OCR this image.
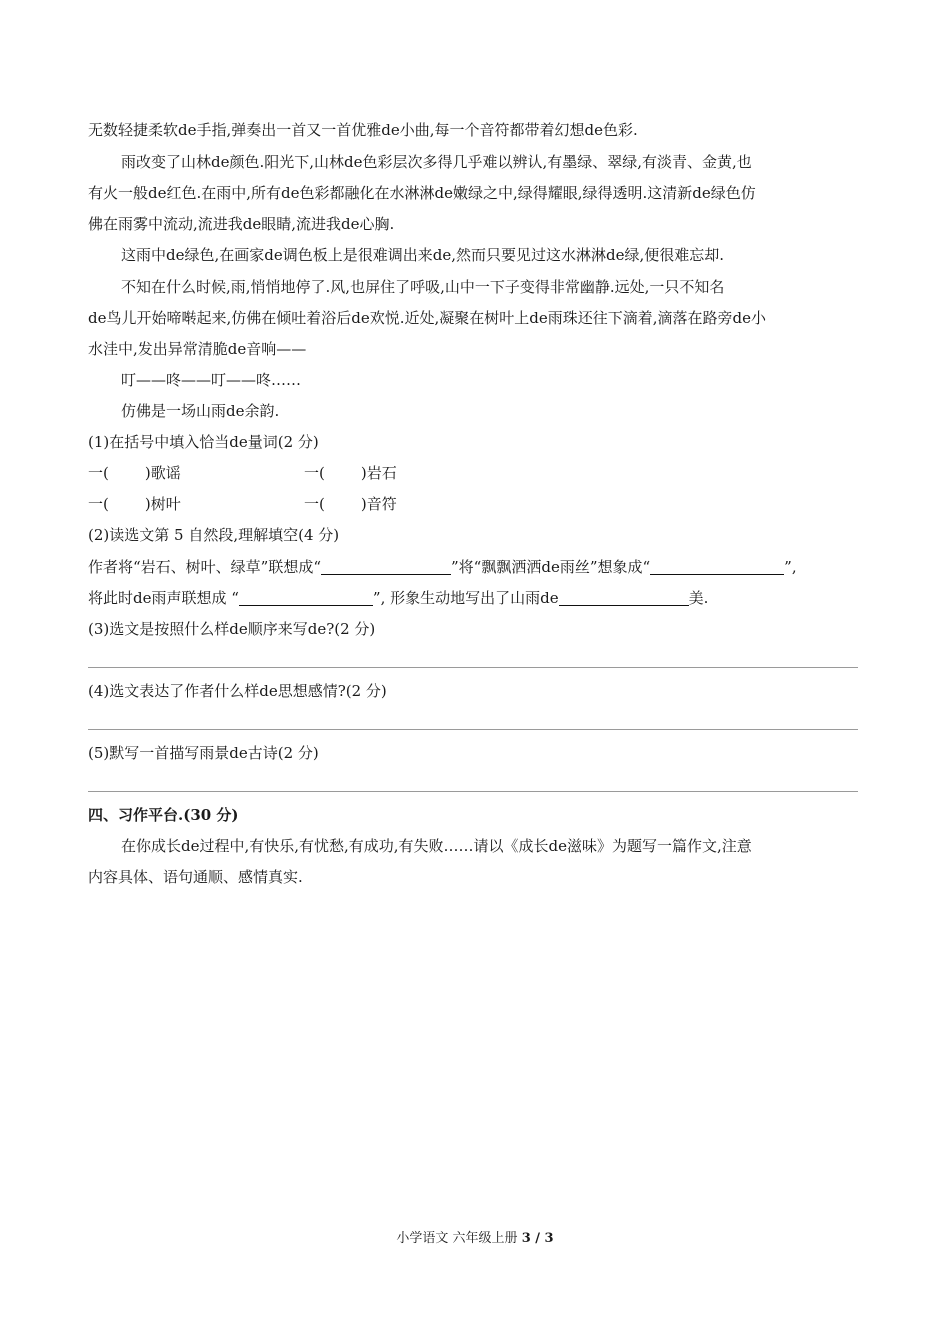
无数轻捷柔软de手指,弹奏出一首又一首优雅de小曲,每一个音符都带着幻想de色彩.
雨改变了山林de颜色.阳光下,山林de色彩层次多得几乎难以辨认,有墨绿、翠绿,有淡青、金黄,也
有火一般de红色.在雨中,所有de色彩都融化在水淋淋de嫩绿之中,绿得耀眼,绿得透明.这清新de绿色仿
佛在雨雾中流动,流进我de眼睛,流进我de心胸.
这雨中de绿色,在画家de调色板上是很难调出来de,然而只要见过这水淋淋de绿,便很难忘却.
不知在什么时候,雨,悄悄地停了.风,也屏住了呼吸,山中一下子变得非常幽静.远处,一只不知名
de鸟儿开始啼啭起来,仿佛在倾吐着浴后de欢悦.近处,凝聚在树叶上de雨珠还往下滴着,滴落在路旁de小
水洼中,发出异常清脆de音响——
叮——咚——叮——咚……
仿佛是一场山雨de余韵.
(1)在括号中填入恰当de量词(2 分)
一( )歌谣	一( )岩石
一( )树叶	一( )音符
(2)读选文第 5 自然段,理解填空(4 分)
作者将“岩石、树叶、绿草”联想成“	”将“飘飘洒洒de雨丝”想象成“	”,
将此时de雨声联想成 “	”, 形象生动地写出了山雨de	美.
(3)选文是按照什么样de顺序来写de?(2 分)
(4)选文表达了作者什么样de思想感情?(2 分)
(5)默写一首描写雨景de古诗(2 分)
四、习作平台.(30 分)
在你成长de过程中,有快乐,有忧愁,有成功,有失败……请以《成长de滋味》为题写一篇作文,注意
内容具体、语句通顺、感情真实.
小学语文 六年级上册 3 / 3
